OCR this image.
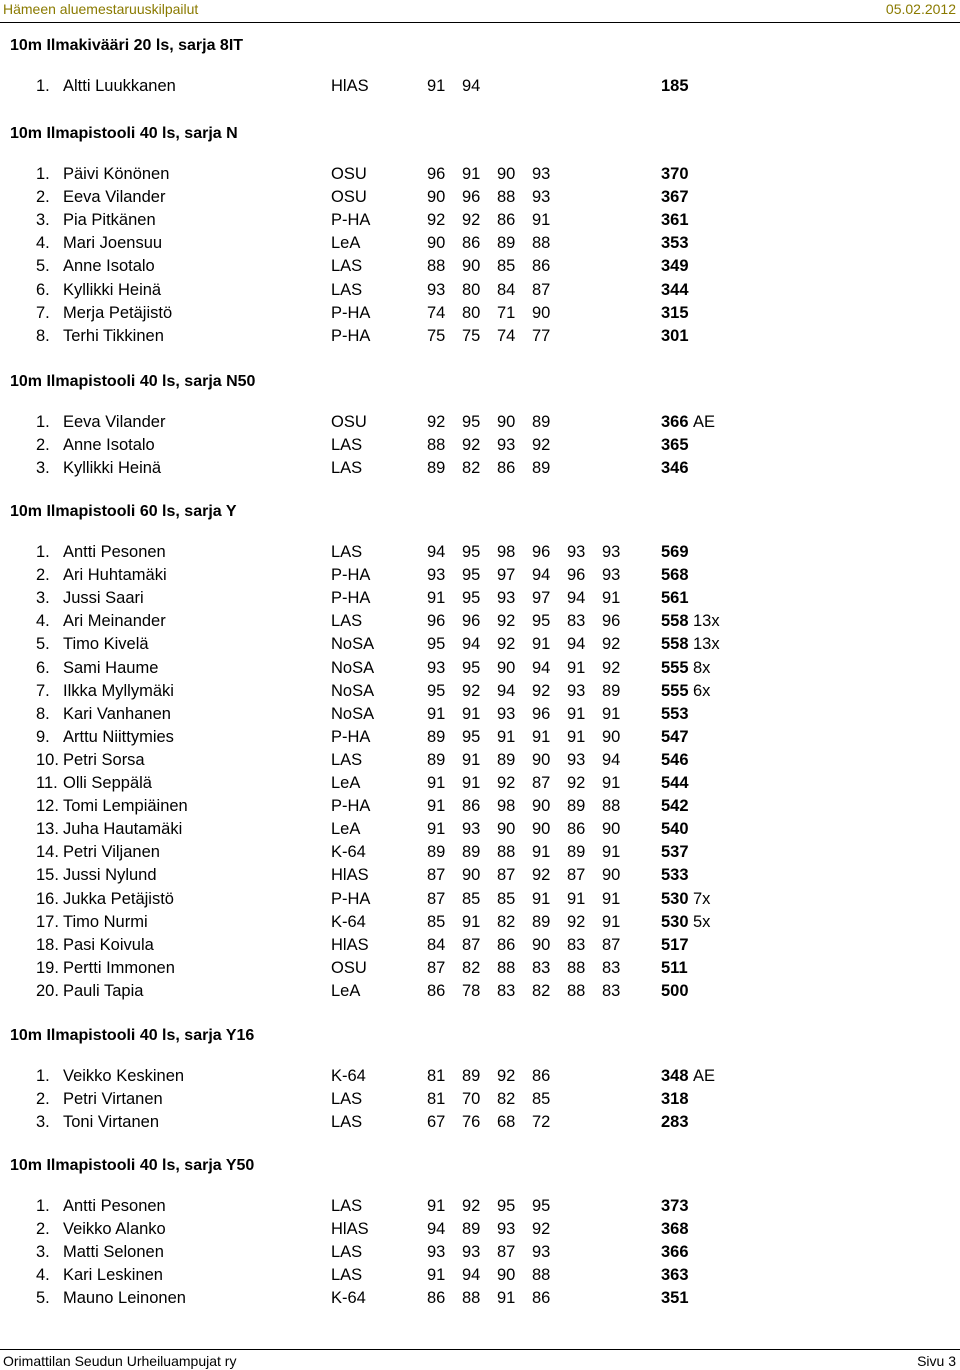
Hämeen aluemestaruuskilpailut	05.02.2012
10m Ilmakivääri 20 ls, sarja 8IT
1. Altti Luukkanen	HlAS	91	94	185
10m Ilmapistooli 40 ls, sarja N
1. Päivi Könönen	OSU	96	91	90	93	370
2. Eeva Vilander	OSU	90	96	88	93	367
3. Pia Pitkänen	P-HA	92	92	86	91	361
4. Mari Joensuu	LeA	90	86	89	88	353
5. Anne Isotalo	LAS	88	90	85	86	349
6. Kyllikki Heinä	LAS	93	80	84	87	344
7. Merja Petäjistö	P-HA	74	80	71	90	315
8. Terhi Tikkinen	P-HA	75	75	74	77	301
10m Ilmapistooli 40 ls, sarja N50
1. Eeva Vilander	OSU	92	95	90	89	366 AE
2. Anne Isotalo	LAS	88	92	93	92	365
3. Kyllikki Heinä	LAS	89	82	86	89	346
10m Ilmapistooli 60 ls, sarja Y
1. Antti Pesonen	LAS	94	95	98	96	93	93	569
2. Ari Huhtamäki	P-HA	93	95	97	94	96	93	568
3. Jussi Saari	P-HA	91	95	93	97	94	91	561
4. Ari Meinander	LAS	96	96	92	95	83	96	558 13x
5. Timo Kivelä	NoSA	95	94	92	91	94	92	558 13x
6. Sami Haume	NoSA	93	95	90	94	91	92	555 8x
7. Ilkka Myllymäki	NoSA	95	92	94	92	93	89	555 6x
8. Kari Vanhanen	NoSA	91	91	93	96	91	91	553
9. Arttu Niittymies	P-HA	89	95	91	91	91	90	547
10. Petri Sorsa	LAS	89	91	89	90	93	94	546
11. Olli Seppälä	LeA	91	91	92	87	92	91	544
12. Tomi Lempiäinen	P-HA	91	86	98	90	89	88	542
13. Juha Hautamäki	LeA	91	93	90	90	86	90	540
14. Petri Viljanen	K-64	89	89	88	91	89	91	537
15. Jussi Nylund	HlAS	87	90	87	92	87	90	533
16. Jukka Petäjistö	P-HA	87	85	85	91	91	91	530 7x
17. Timo Nurmi	K-64	85	91	82	89	92	91	530 5x
18. Pasi Koivula	HlAS	84	87	86	90	83	87	517
19. Pertti Immonen	OSU	87	82	88	83	88	83	511
20. Pauli Tapia	LeA	86	78	83	82	88	83	500
10m Ilmapistooli 40 ls, sarja Y16
1. Veikko Keskinen	K-64	81	89	92	86	348 AE
2. Petri Virtanen	LAS	81	70	82	85	318
3. Toni Virtanen	LAS	67	76	68	72	283
10m Ilmapistooli 40 ls, sarja Y50
1. Antti Pesonen	LAS	91	92	95	95	373
2. Veikko Alanko	HlAS	94	89	93	92	368
3. Matti Selonen	LAS	93	93	87	93	366
4. Kari Leskinen	LAS	91	94	90	88	363
5. Mauno Leinonen	K-64	86	88	91	86	351
Orimattilan Seudun Urheiluampujat ry	Sivu 3
